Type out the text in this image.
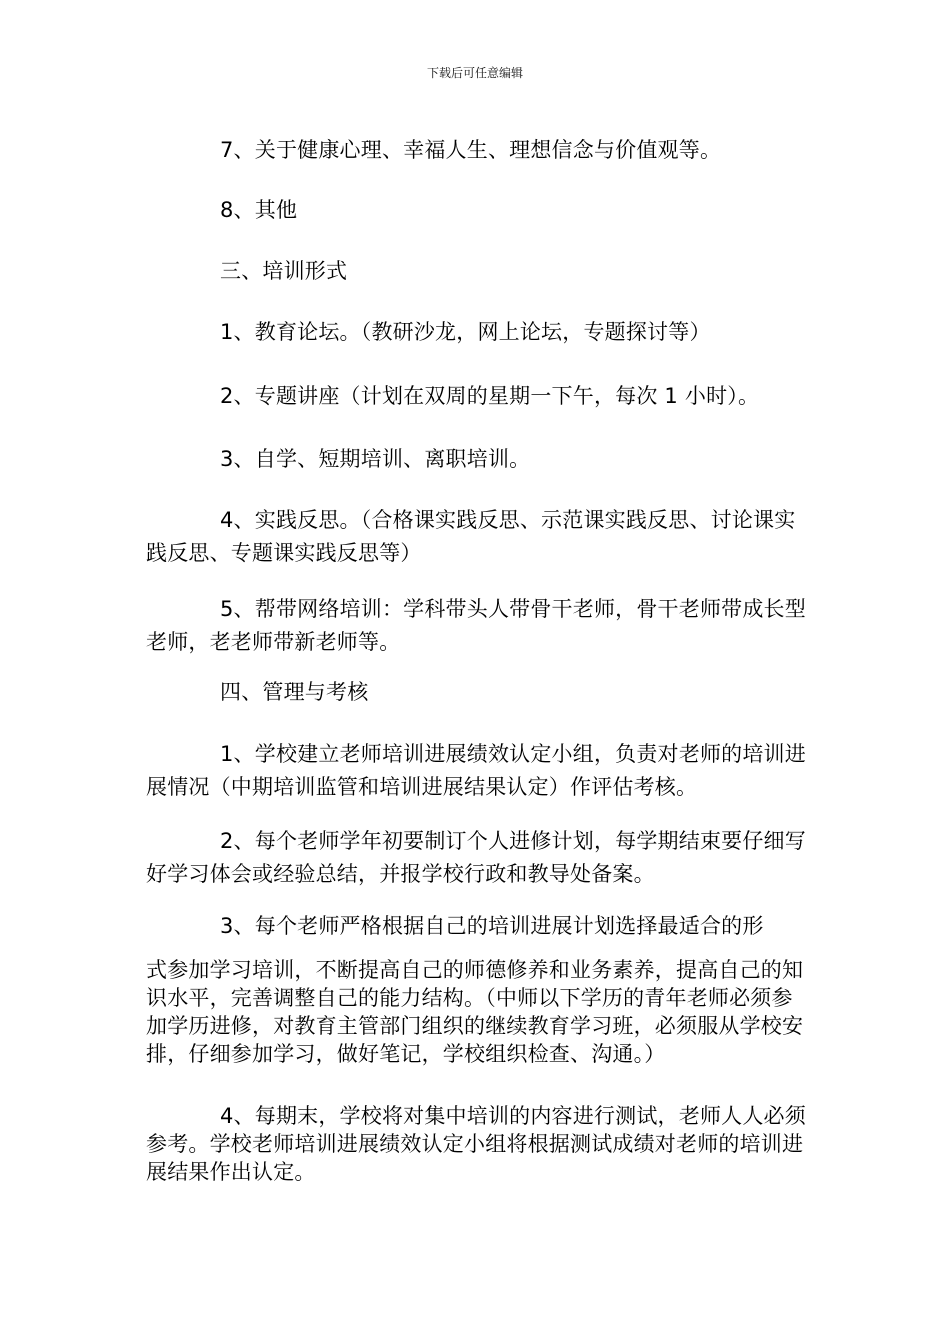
下载后可任意编辑
7、关于健康心理、幸福人生、理想信念与价值观等。
8、其他
三、培训形式
1、教育论坛。（教研沙龙，网上论坛，专题探讨等）
2、专题讲座（计划在双周的星期一下午，每次 1 小时）。
3、自学、短期培训、离职培训。
4、实践反思。（合格课实践反思、示范课实践反思、讨论课实践反思、专题课实践反思等）
5、帮带网络培训：学科带头人带骨干老师，骨干老师带成长型老师，老老师带新老师等。
四、管理与考核
1、学校建立老师培训进展绩效认定小组，负责对老师的培训进展情况（中期培训监管和培训进展结果认定）作评估考核。
2、每个老师学年初要制订个人进修计划，每学期结束要仔细写好学习体会或经验总结，并报学校行政和教导处备案。
3、每个老师严格根据自己的培训进展计划选择最适合的形
式参加学习培训，不断提高自己的师德修养和业务素养，提高自己的知识水平，完善调整自己的能力结构。（中师以下学历的青年老师必须参加学历进修，对教育主管部门组织的继续教育学习班，必须服从学校安排，仔细参加学习，做好笔记，学校组织检查、沟通。）
4、每期末，学校将对集中培训的内容进行测试，老师人人必须参考。学校老师培训进展绩效认定小组将根据测试成绩对老师的培训进展结果作出认定。
